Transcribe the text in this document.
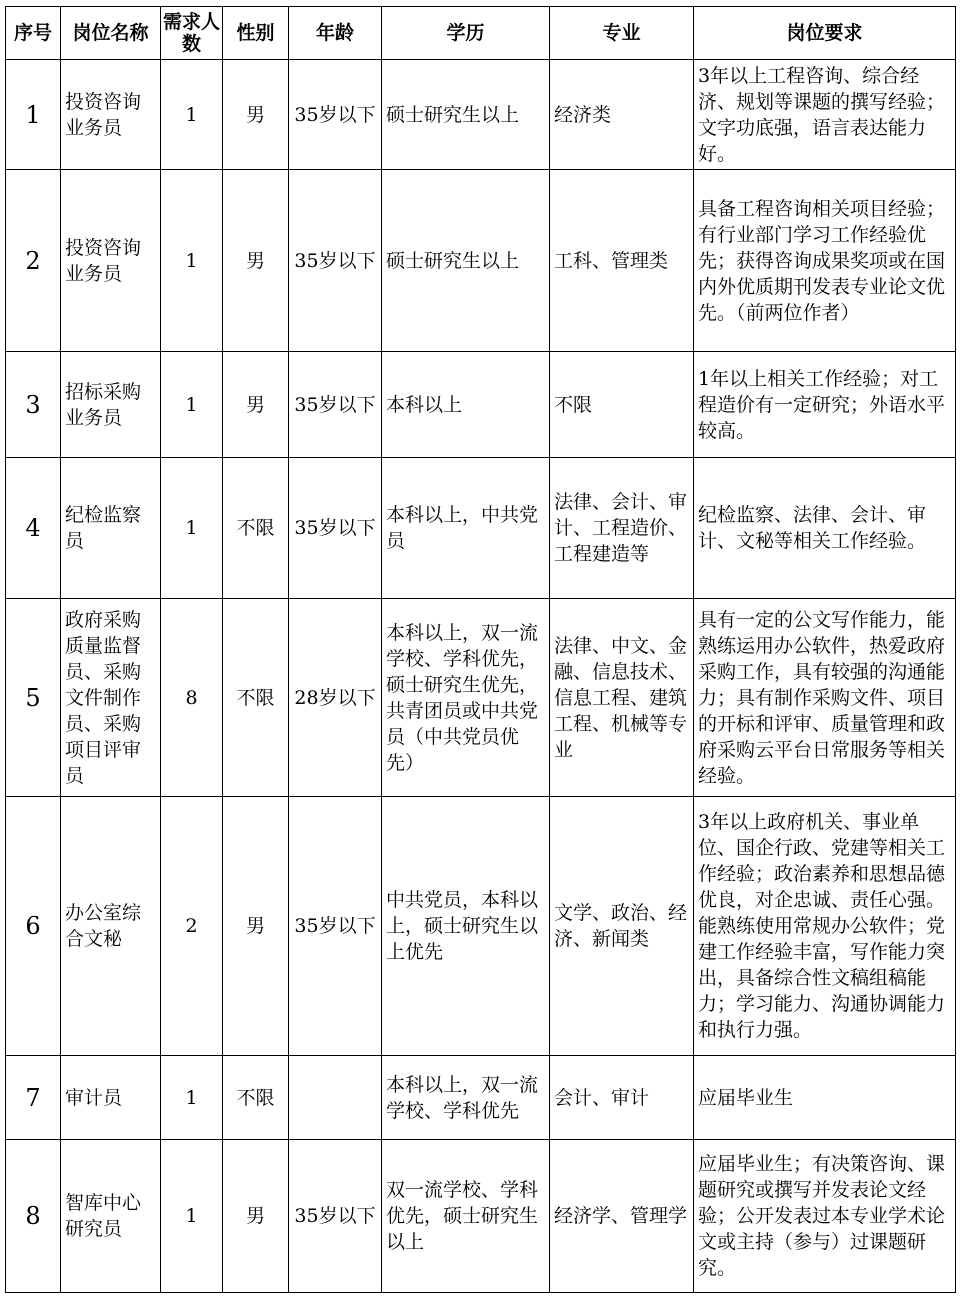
序号	岗位名称	需求人数	性别	年龄	学历	专业	岗位要求
1	投资咨询业务员	1	男	35岁以下	硕士研究生以上	经济类	3年以上工程咨询、综合经济、规划等课题的撰写经验；文字功底强，语言表达能力好。
2	投资咨询业务员	1	男	35岁以下	硕士研究生以上	工科、管理类	具备工程咨询相关项目经验；有行业部门学习工作经验优先；获得咨询成果奖项或在国内外优质期刊发表专业论文优先。（前两位作者）
3	招标采购业务员	1	男	35岁以下	本科以上	不限	1年以上相关工作经验；对工程造价有一定研究；外语水平较高。
4	纪检监察员	1	不限	35岁以下	本科以上，中共党员	法律、会计、审计、工程造价、工程建造等	纪检监察、法律、会计、审计、文秘等相关工作经验。
5	政府采购质量监督员、采购文件制作员、采购项目评审员	8	不限	28岁以下	本科以上，双一流学校、学科优先，硕士研究生优先，共青团员或中共党员（中共党员优先）	法律、中文、金融、信息技术、信息工程、建筑工程、机械等专业	具有一定的公文写作能力，能熟练运用办公软件，热爱政府采购工作，具有较强的沟通能力；具有制作采购文件、项目的开标和评审、质量管理和政府采购云平台日常服务等相关经验。
6	办公室综合文秘	2	男	35岁以下	中共党员，本科以上，硕士研究生以上优先	文学、政治、经济、新闻类	3年以上政府机关、事业单位、国企行政、党建等相关工作经验；政治素养和思想品德优良，对企忠诚、责任心强。能熟练使用常规办公软件；党建工作经验丰富，写作能力突出，具备综合性文稿组稿能力；学习能力、沟通协调能力和执行力强。
7	审计员	1	不限		本科以上，双一流学校、学科优先	会计、审计	应届毕业生
8	智库中心研究员	1	男	35岁以下	双一流学校、学科优先，硕士研究生以上	经济学、管理学	应届毕业生；有决策咨询、课题研究或撰写并发表论文经验；公开发表过本专业学术论文或主持（参与）过课题研究。
